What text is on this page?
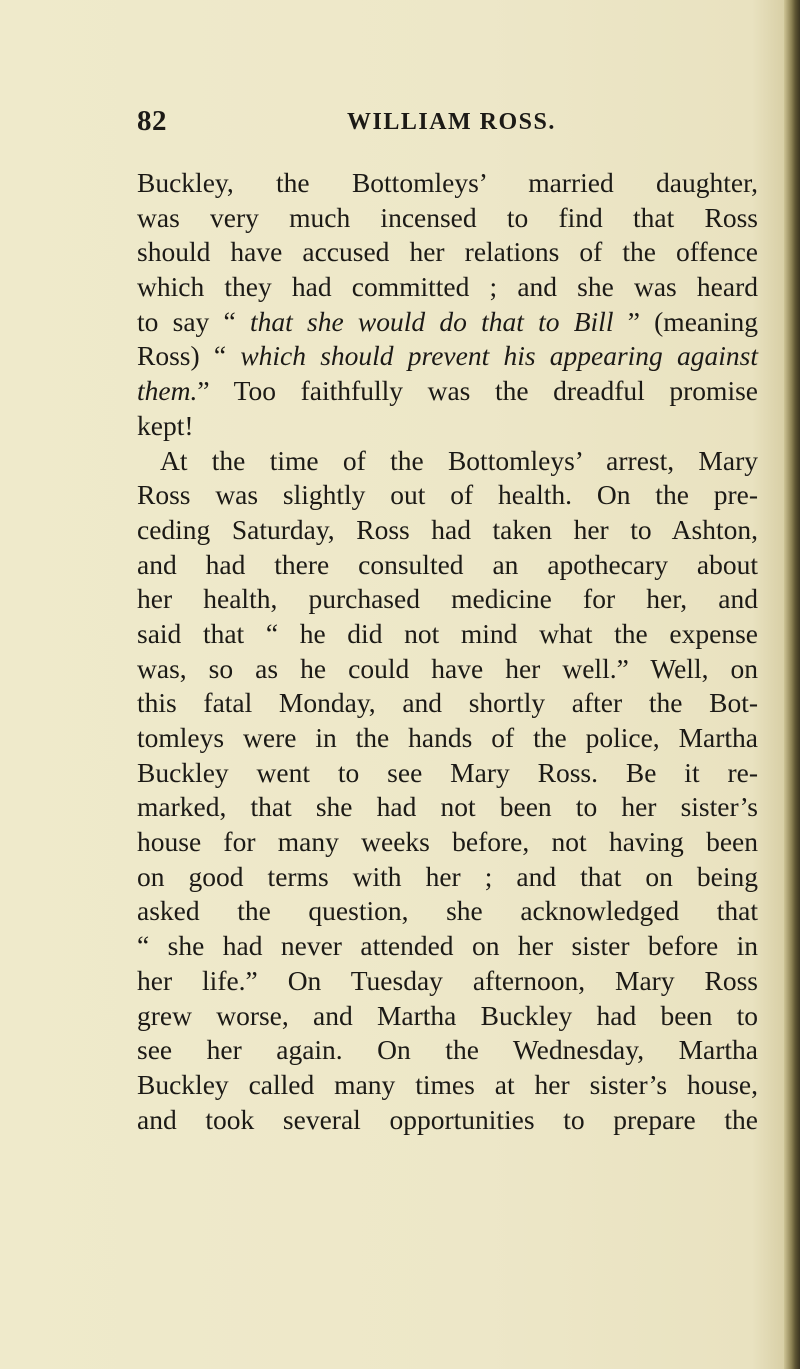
82	WILLIAM ROSS.
Buckley, the Bottomleys’ married daughter,
was very much incensed to find that Ross
should have accused her relations of the offence
which they had committed ; and she was heard
to say “ that she would do that to Bill ” (meaning
Ross) “ which should prevent his appearing against
them.” Too faithfully was the dreadful promise
kept!
At the time of the Bottomleys’ arrest, Mary
Ross was slightly out of health. On the pre-
ceding Saturday, Ross had taken her to Ashton,
and had there consulted an apothecary about
her health, purchased medicine for her, and
said that “ he did not mind what the expense
was, so as he could have her well.” Well, on
this fatal Monday, and shortly after the Bot-
tomleys were in the hands of the police, Martha
Buckley went to see Mary Ross. Be it re-
marked, that she had not been to her sister’s
house for many weeks before, not having been
on good terms with her ; and that on being
asked the question, she acknowledged that
“ she had never attended on her sister before in
her life.” On Tuesday afternoon, Mary Ross
grew worse, and Martha Buckley had been to
see her again. On the Wednesday, Martha
Buckley called many times at her sister’s house,
and took several opportunities to prepare the
